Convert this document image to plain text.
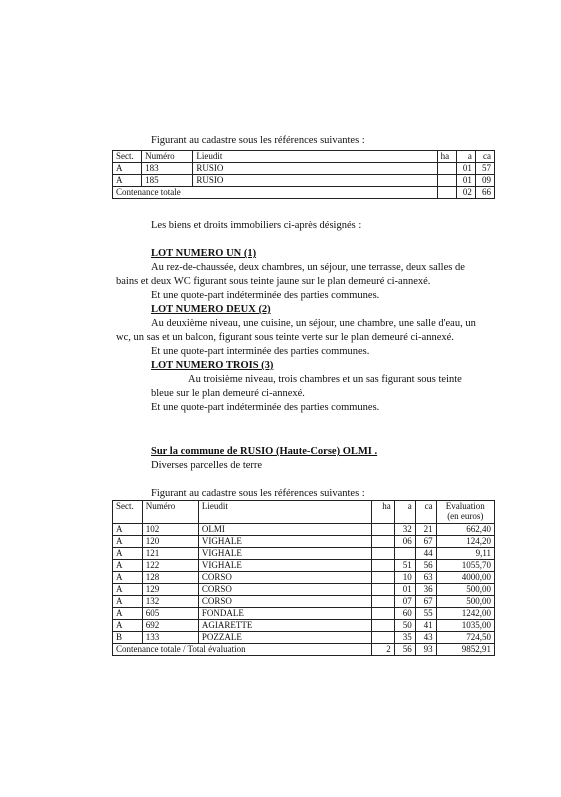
Figurant au cadastre sous les références suivantes :
Sect.	Numéro	Lieudit	ha	a	ca
A	183	RUSIO		01	57
A	185	RUSIO		01	09
Contenance totale				02	66
Les biens et droits immobiliers ci-après désignés :
LOT NUMERO UN (1)
Au rez-de-chaussée, deux chambres, un séjour, une terrasse, deux salles de
bains et deux WC figurant sous teinte jaune sur le plan demeuré ci-annexé.
Et une quote-part indéterminée des parties communes.
LOT NUMERO DEUX (2)
Au deuxième niveau, une cuisine, un séjour, une chambre, une salle d'eau, un
wc, un sas et un balcon, figurant sous teinte verte sur le plan demeuré ci-annexé.
Et une quote-part interminée des parties communes.
LOT NUMERO TROIS (3)
Au troisième niveau, trois chambres et un sas figurant sous teinte
bleue sur le plan demeuré ci-annexé.
Et une quote-part indéterminée des parties communes.
Sur la commune de RUSIO (Haute-Corse) OLMI .
Diverses parcelles de terre
Figurant au cadastre sous les références suivantes :
Sect.	Numéro	Lieudit	ha	a	ca	Evaluation
(en euros)
A	102	OLMI		32	21	662,40
A	120	VIGHALE		06	67	124,20
A	121	VIGHALE			44	9,11
A	122	VIGHALE		51	56	1055,70
A	128	CORSO		10	63	4000,00
A	129	CORSO		01	36	500,00
A	132	CORSO		07	67	500,00
A	605	FONDALE		60	55	1242,00
A	692	AGIARETTE		50	41	1035,00
B	133	POZZALE		35	43	724,50
Contenance totale / Total évaluation			2	56	93	9852,91
